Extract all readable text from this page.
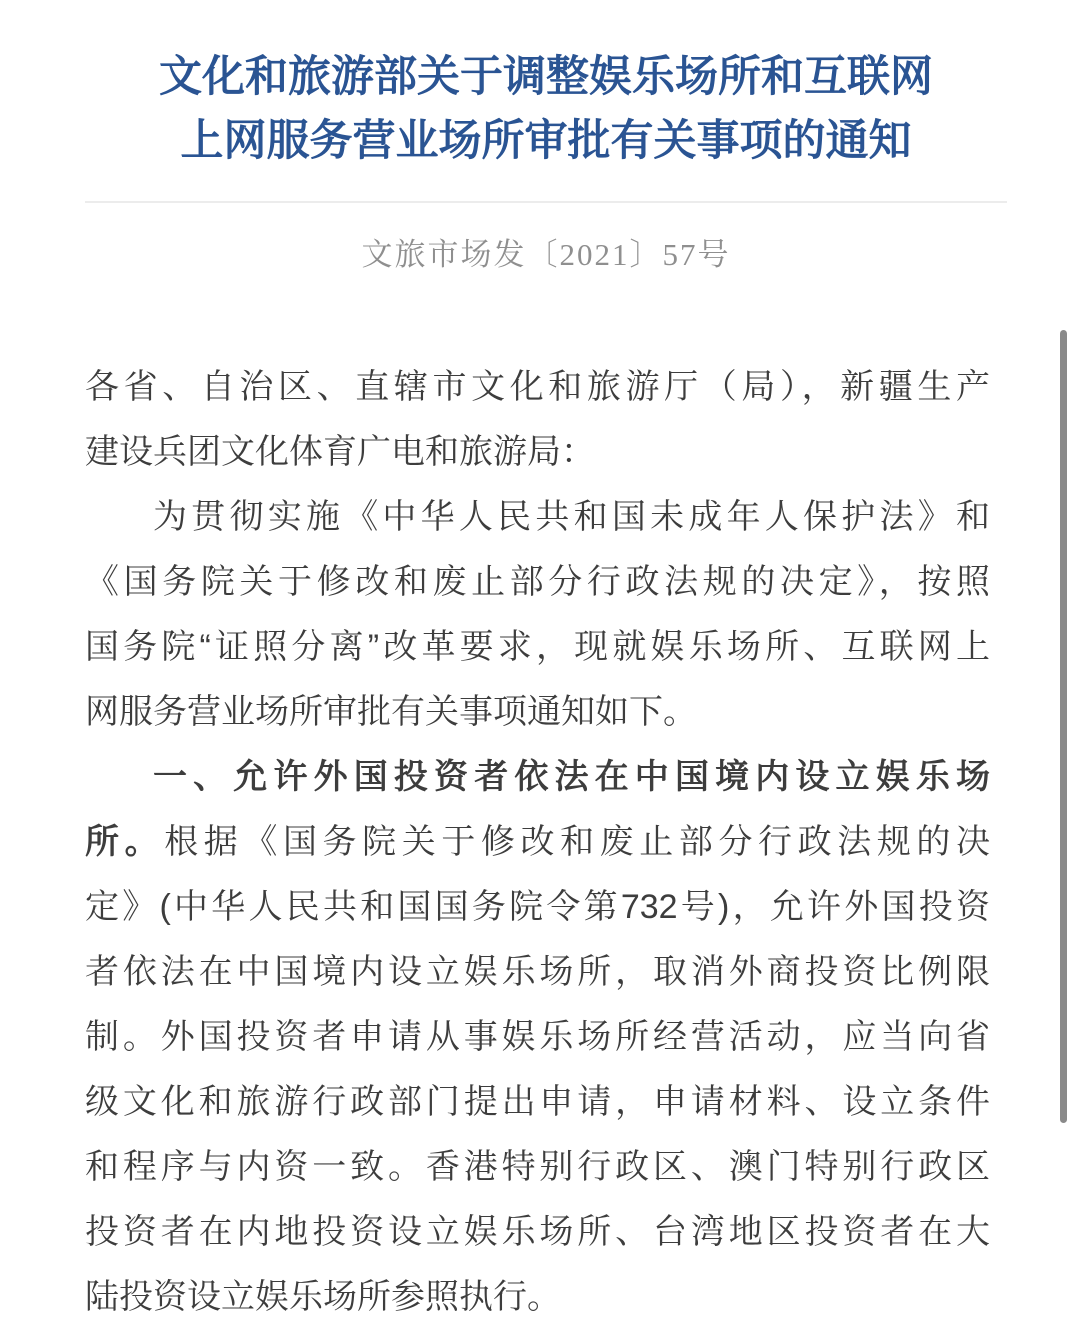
文化和旅游部关于调整娱乐场所和互联网
上网服务营业场所审批有关事项的通知
文旅市场发〔2021〕57号
各省、自治区、直辖市文化和旅游厅（局），新疆生产
建设兵团文化体育广电和旅游局：
为贯彻实施《中华人民共和国未成年人保护法》和
《国务院关于修改和废止部分行政法规的决定》，按照
国务院“证照分离”改革要求，现就娱乐场所、互联网上
网服务营业场所审批有关事项通知如下。
一、允许外国投资者依法在中国境内设立娱乐场
所。根据《国务院关于修改和废止部分行政法规的决
定》(中华人民共和国国务院令第732号)，允许外国投资
者依法在中国境内设立娱乐场所，取消外商投资比例限
制。外国投资者申请从事娱乐场所经营活动，应当向省
级文化和旅游行政部门提出申请，申请材料、设立条件
和程序与内资一致。香港特别行政区、澳门特别行政区
投资者在内地投资设立娱乐场所、台湾地区投资者在大
陆投资设立娱乐场所参照执行。
